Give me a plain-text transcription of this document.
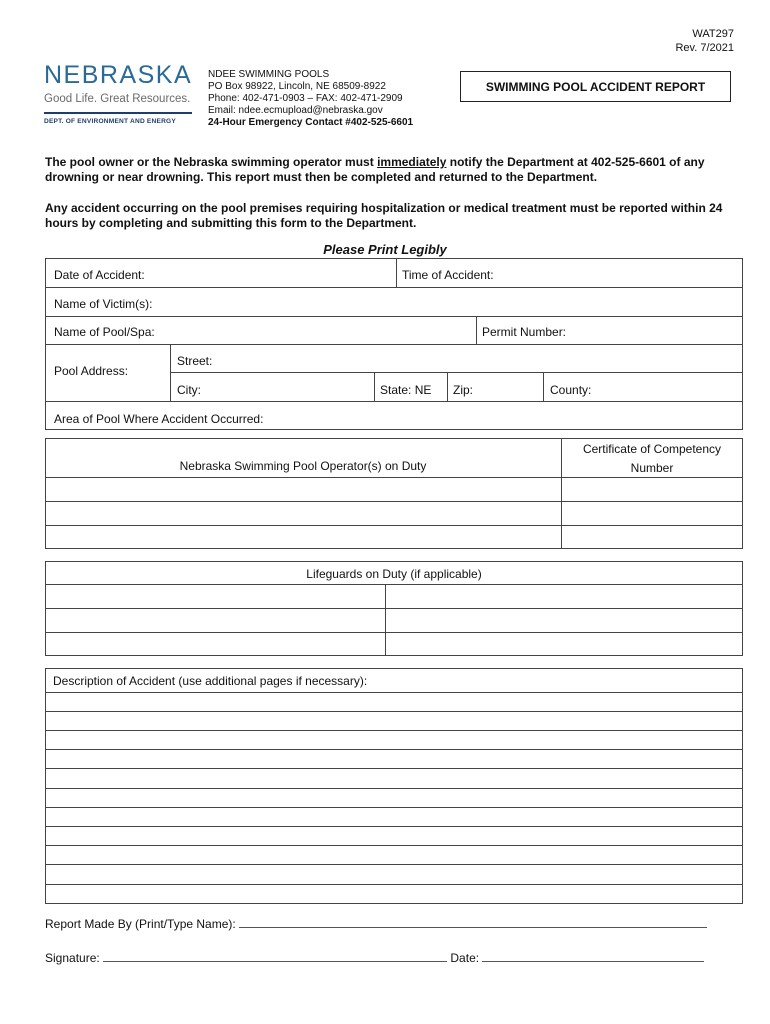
WAT297
Rev. 7/2021
NEBRASKA
Good Life. Great Resources.
DEPT. OF ENVIRONMENT AND ENERGY
NDEE SWIMMING POOLS
PO Box 98922, Lincoln, NE 68509-8922
Phone: 402-471-0903 – FAX: 402-471-2909
Email: ndee.ecmupload@nebraska.gov
24-Hour Emergency Contact #402-525-6601
SWIMMING POOL ACCIDENT REPORT
The pool owner or the Nebraska swimming operator must immediately notify the Department at 402-525-6601 of any drowning or near drowning. This report must then be completed and returned to the Department.
Any accident occurring on the pool premises requiring hospitalization or medical treatment must be reported within 24 hours by completing and submitting this form to the Department.
Please Print Legibly
Date of Accident:	Time of Accident:
Name of Victim(s):
Name of Pool/Spa:	Permit Number:
Pool Address:
Street:
City:	State: NE Zip:	County:
Area of Pool Where Accident Occurred:
Nebraska Swimming Pool Operator(s) on Duty
Certificate of Competency
Number
Lifeguards on Duty (if applicable)
Description of Accident (use additional pages if necessary):
Report Made By (Print/Type Name):
Signature:	Date:
